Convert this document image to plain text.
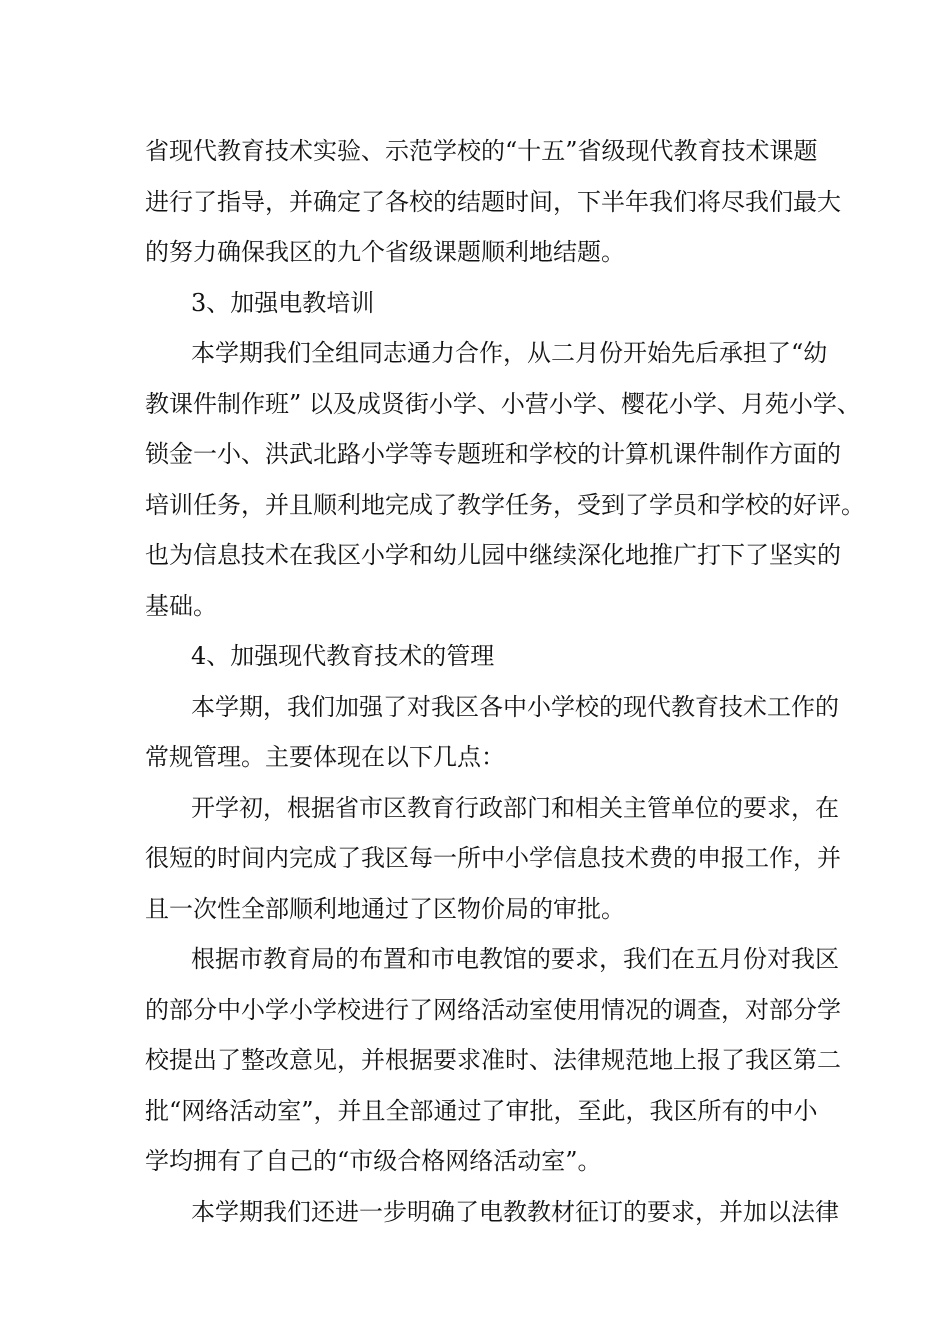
省现代教育技术实验、示范学校的“十五”省级现代教育技术课题
进行了指导，并确定了各校的结题时间，下半年我们将尽我们最大
的努力确保我区的九个省级课题顺利地结题。
3、加强电教培训
本学期我们全组同志通力合作，从二月份开始先后承担了“幼
教课件制作班” 以及成贤街小学、小营小学、樱花小学、月苑小学、
锁金一小、洪武北路小学等专题班和学校的计算机课件制作方面的
培训任务，并且顺利地完成了教学任务，受到了学员和学校的好评。
也为信息技术在我区小学和幼儿园中继续深化地推广打下了坚实的
基础。
4、加强现代教育技术的管理
本学期，我们加强了对我区各中小学校的现代教育技术工作的
常规管理。主要体现在以下几点：
开学初，根据省市区教育行政部门和相关主管单位的要求，在
很短的时间内完成了我区每一所中小学信息技术费的申报工作，并
且一次性全部顺利地通过了区物价局的审批。
根据市教育局的布置和市电教馆的要求，我们在五月份对我区
的部分中小学小学校进行了网络活动室使用情况的调查，对部分学
校提出了整改意见，并根据要求准时、法律规范地上报了我区第二
批“网络活动室”，并且全部通过了审批，至此，我区所有的中小
学均拥有了自己的“市级合格网络活动室”。
本学期我们还进一步明确了电教教材征订的要求，并加以法律
